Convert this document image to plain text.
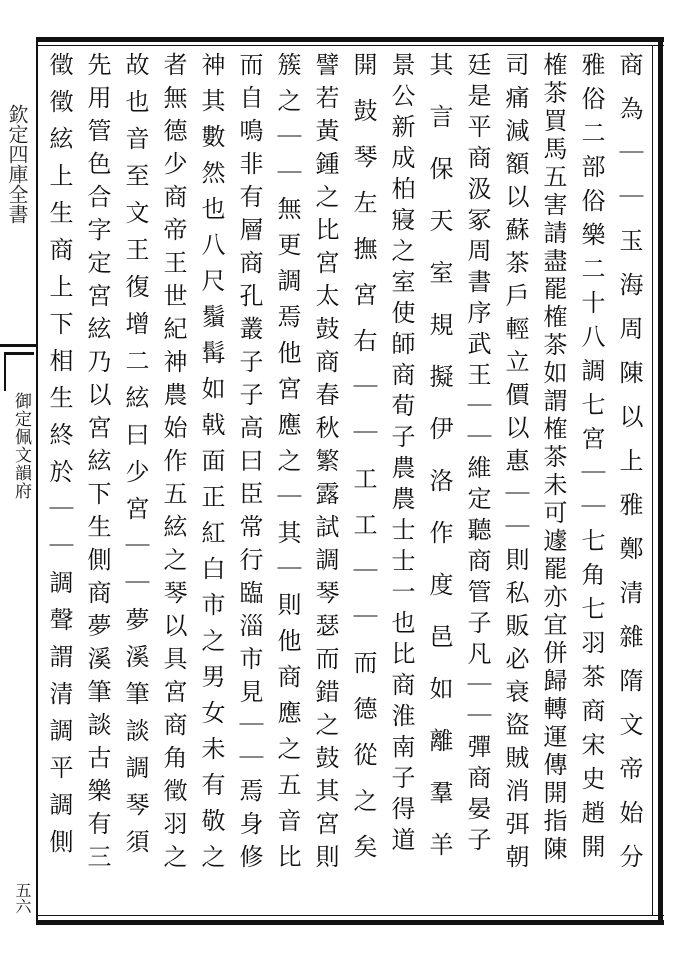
欽定四庫全書
御定佩文韻府
五六
商為｜｜玉海周陳以上雅鄭清雜隋文帝始分
雅俗二部俗樂二十八調七宮｜｜七角七羽茶商宋史趙開
榷茶買馬五害請盡罷榷茶如謂榷茶未可遽罷亦宜併歸轉運傳開指陳
司痛減額以蘇茶戶輕立價以惠｜｜則私販必衰盜賊消弭朝
廷是平商汲冢周書序武王｜｜維定聽商管子凡｜｜彈商晏子
其言保天室規擬伊洛作度邑如離羣羊
景公新成柏寢之室使師商荀子農農士士一也比商淮南子得道
開鼓琴左撫宮右｜｜工工｜｜而德從之矣
譬若黃鍾之比宮太鼓商春秋繁露試調琴瑟而錯之鼓其宮則
簇之｜｜無更調焉他宮應之｜其｜則他商應之五音比
而自鳴非有層商孔叢子子高曰臣常行臨淄市見｜｜焉身修
神其數然也八尺鬚髯如戟面正紅白市之男女未有敬之
者無德少商帝王世紀神農始作五絃之琴以具宮商角徵羽之
故也音至文王復增二絃曰少宮｜｜夢溪筆談調琴須
先用管色合字定宮絃乃以宮絃下生側商夢溪筆談古樂有三
徵徵絃上生商上下相生終於｜｜調聲謂清調平調側
